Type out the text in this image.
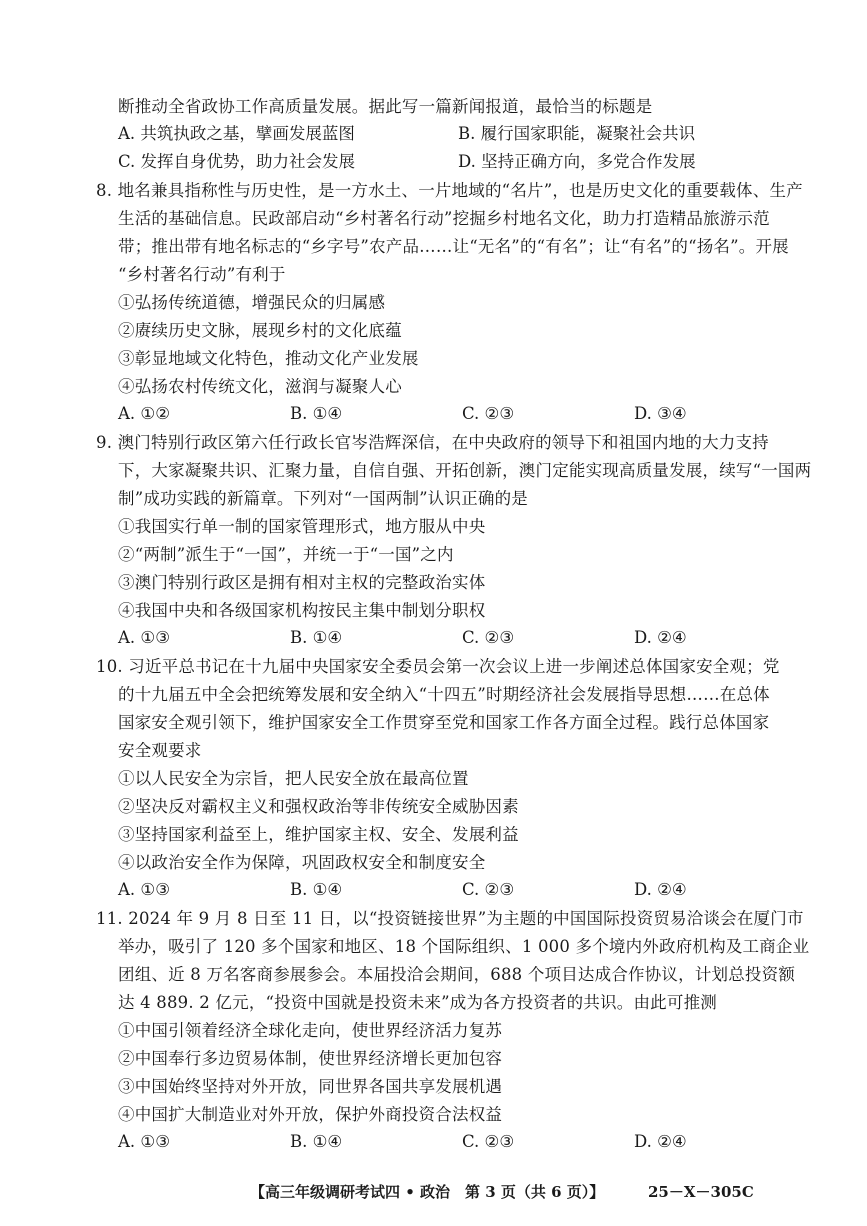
断推动全省政协工作高质量发展。据此写一篇新闻报道，最恰当的标题是
A. 共筑执政之基，擘画发展蓝图	B. 履行国家职能，凝聚社会共识
C. 发挥自身优势，助力社会发展	D. 坚持正确方向，多党合作发展
8. 地名兼具指称性与历史性，是一方水土、一片地域的“名片”，也是历史文化的重要载体、生产
生活的基础信息。民政部启动“乡村著名行动”挖掘乡村地名文化，助力打造精品旅游示范
带；推出带有地名标志的“乡字号”农产品……让“无名”的“有名”；让“有名”的“扬名”。开展
“乡村著名行动”有利于
①弘扬传统道德，增强民众的归属感
②赓续历史文脉，展现乡村的文化底蕴
③彰显地域文化特色，推动文化产业发展
④弘扬农村传统文化，滋润与凝聚人心
A. ①②	B. ①④	C. ②③	D. ③④
9. 澳门特别行政区第六任行政长官岑浩辉深信，在中央政府的领导下和祖国内地的大力支持
下，大家凝聚共识、汇聚力量，自信自强、开拓创新，澳门定能实现高质量发展，续写“一国两
制”成功实践的新篇章。下列对“一国两制”认识正确的是
①我国实行单一制的国家管理形式，地方服从中央
②“两制”派生于“一国”，并统一于“一国”之内
③澳门特别行政区是拥有相对主权的完整政治实体
④我国中央和各级国家机构按民主集中制划分职权
A. ①③	B. ①④	C. ②③	D. ②④
10. 习近平总书记在十九届中央国家安全委员会第一次会议上进一步阐述总体国家安全观；党
的十九届五中全会把统筹发展和安全纳入“十四五”时期经济社会发展指导思想……在总体
国家安全观引领下，维护国家安全工作贯穿至党和国家工作各方面全过程。践行总体国家
安全观要求
①以人民安全为宗旨，把人民安全放在最高位置
②坚决反对霸权主义和强权政治等非传统安全威胁因素
③坚持国家利益至上，维护国家主权、安全、发展利益
④以政治安全作为保障，巩固政权安全和制度安全
A. ①③	B. ①④	C. ②③	D. ②④
11. 2024 年 9 月 8 日至 11 日，以“投资链接世界”为主题的中国国际投资贸易洽谈会在厦门市
举办，吸引了 120 多个国家和地区、18 个国际组织、1 000 多个境内外政府机构及工商企业
团组、近 8 万名客商参展参会。本届投洽会期间，688 个项目达成合作协议，计划总投资额
达 4 889. 2 亿元，“投资中国就是投资未来”成为各方投资者的共识。由此可推测
①中国引领着经济全球化走向，使世界经济活力复苏
②中国奉行多边贸易体制，使世界经济增长更加包容
③中国始终坚持对外开放，同世界各国共享发展机遇
④中国扩大制造业对外开放，保护外商投资合法权益
A. ①③	B. ①④	C. ②③	D. ②④
【高三年级调研考试四 • 政治　第 3 页（共 6 页）】	25－X－305C
